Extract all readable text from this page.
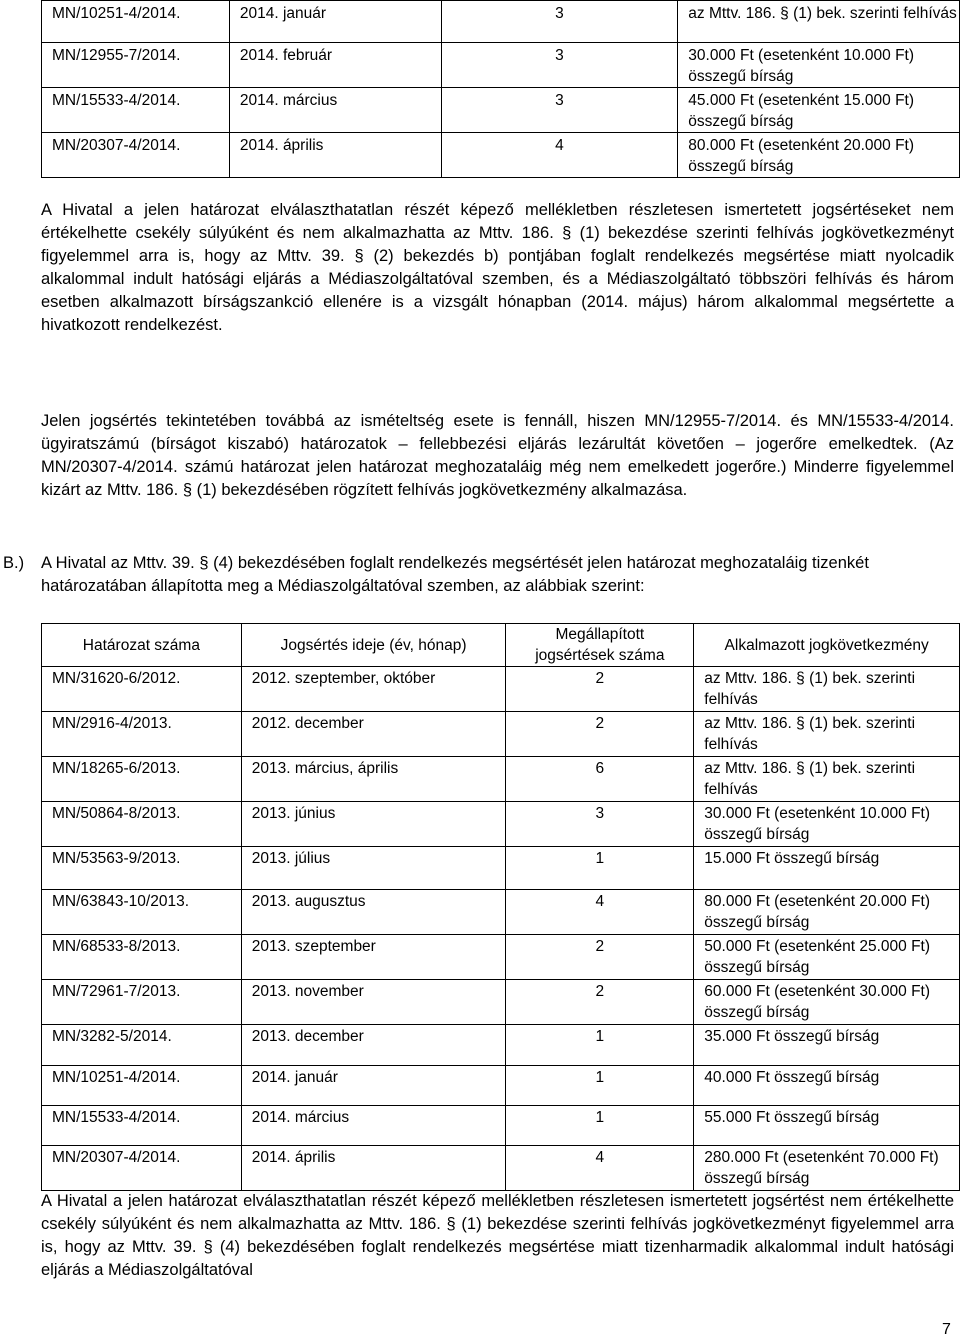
MN/10251-4/2014.	2014. január	3	az Mttv. 186. § (1) bek. szerinti felhívás
MN/12955-7/2014.	2014. február	3	30.000 Ft (esetenként 10.000 Ft) összegű bírság
MN/15533-4/2014.	2014. március	3	45.000 Ft (esetenként 15.000 Ft) összegű bírság
MN/20307-4/2014.	2014. április	4	80.000 Ft (esetenként 20.000 Ft) összegű bírság

A Hivatal a jelen határozat elválaszthatatlan részét képező mellékletben részletesen ismertetett jogsértéseket nem értékelhette csekély súlyúként és nem alkalmazhatta az Mttv. 186. § (1) bekezdése szerinti felhívás jogkövetkezményt figyelemmel arra is, hogy az Mttv. 39. § (2) bekezdés b) pontjában foglalt rendelkezés megsértése miatt nyolcadik alkalommal indult hatósági eljárás a Médiaszolgáltatóval szemben, és a Médiaszolgáltató többszöri felhívás és három esetben alkalmazott bírságszankció ellenére is a vizsgált hónapban (2014. május) három alkalommal megsértette a hivatkozott rendelkezést.

Jelen jogsértés tekintetében továbbá az ismételtség esete is fennáll, hiszen MN/12955-7/2014. és MN/15533-4/2014. ügyiratszámú (bírságot kiszabó) határozatok – fellebbezési eljárás lezárultát követően – jogerőre emelkedtek. (Az MN/20307-4/2014. számú határozat jelen határozat meghozataláig még nem emelkedett jogerőre.) Minderre figyelemmel kizárt az Mttv. 186. § (1) bekezdésében rögzített felhívás jogkövetkezmény alkalmazása.

B.)	A Hivatal az Mttv. 39. § (4) bekezdésében foglalt rendelkezés megsértését jelen határozat meghozataláig tizenkét határozatában állapította meg a Médiaszolgáltatóval szemben, az alábbiak szerint:
Határozat száma	Jogsértés ideje (év, hónap)	Megállapított jogsértések száma	Alkalmazott jogkövetkezmény
MN/31620-6/2012.	2012. szeptember, október	2	az Mttv. 186. § (1) bek. szerinti felhívás
MN/2916-4/2013.	2012. december	2	az Mttv. 186. § (1) bek. szerinti felhívás
MN/18265-6/2013.	2013. március, április	6	az Mttv. 186. § (1) bek. szerinti felhívás
MN/50864-8/2013.	2013. június	3	30.000 Ft (esetenként 10.000 Ft) összegű bírság
MN/53563-9/2013.	2013. július	1	15.000 Ft összegű bírság
MN/63843-10/2013.	2013. augusztus	4	80.000 Ft (esetenként 20.000 Ft) összegű bírság
MN/68533-8/2013.	2013. szeptember	2	50.000 Ft (esetenként 25.000 Ft) összegű bírság
MN/72961-7/2013.	2013. november	2	60.000 Ft (esetenként 30.000 Ft) összegű bírság
MN/3282-5/2014.	2013. december	1	35.000 Ft összegű bírság
MN/10251-4/2014.	2014. január	1	40.000 Ft összegű bírság
MN/15533-4/2014.	2014. március	1	55.000 Ft összegű bírság
MN/20307-4/2014.	2014. április	4	280.000 Ft (esetenként 70.000 Ft) összegű bírság

A Hivatal a jelen határozat elválaszthatatlan részét képező mellékletben részletesen ismertetett jogsértést nem értékelhette csekély súlyúként és nem alkalmazhatta az Mttv. 186. § (1) bekezdése szerinti felhívás jogkövetkezményt figyelemmel arra is, hogy az Mttv. 39. § (4) bekezdésében foglalt rendelkezés megsértése miatt tizenharmadik alkalommal indult hatósági eljárás a Médiaszolgáltatóval

7
